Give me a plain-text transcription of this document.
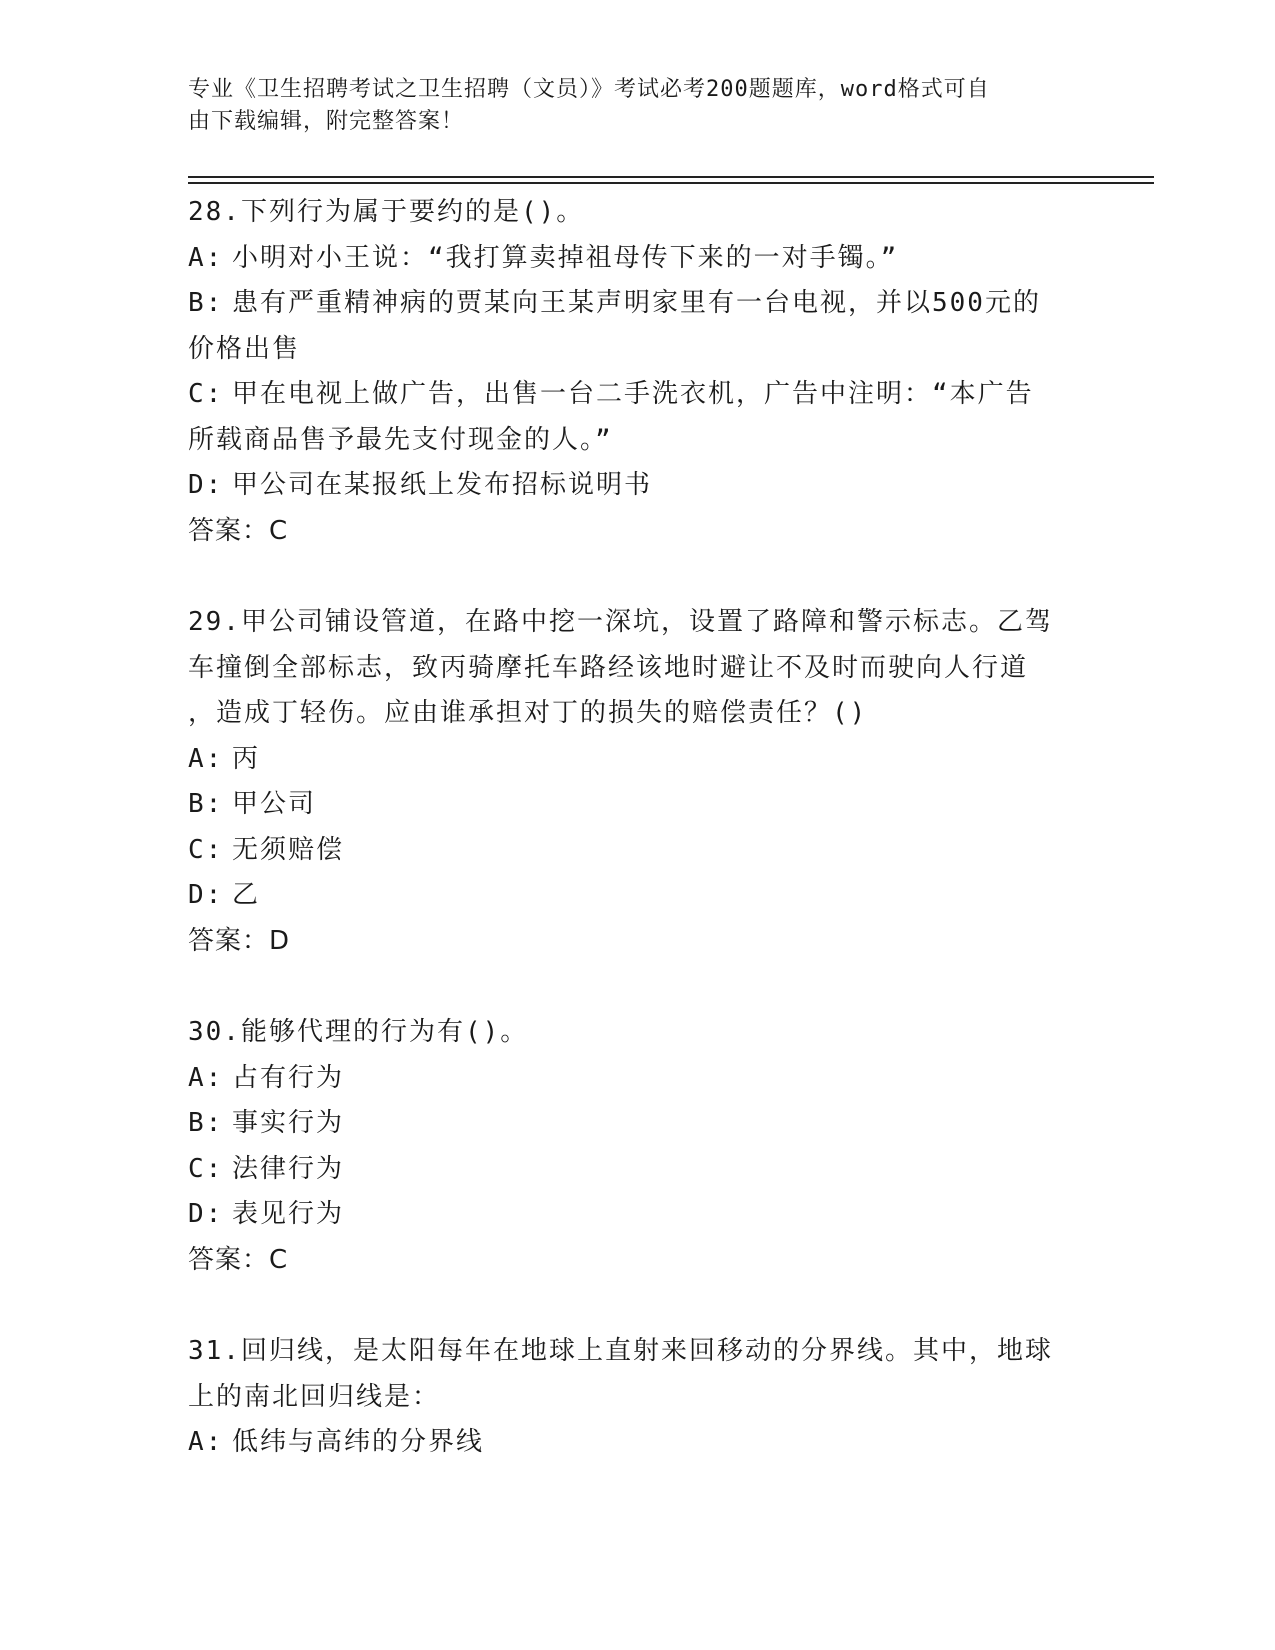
专业《卫生招聘考试之卫生招聘（文员）》考试必考200题题库，word格式可自
由下载编辑，附完整答案！
28.下列行为属于要约的是()。
A: 小明对小王说：“我打算卖掉祖母传下来的一对手镯。”
B: 患有严重精神病的贾某向王某声明家里有一台电视，并以500元的
价格出售
C: 甲在电视上做广告，出售一台二手洗衣机，广告中注明：“本广告
所载商品售予最先支付现金的人。”
D: 甲公司在某报纸上发布招标说明书
答案：C
29.甲公司铺设管道，在路中挖一深坑，设置了路障和警示标志。乙驾
车撞倒全部标志，致丙骑摩托车路经该地时避让不及时而驶向人行道
，造成丁轻伤。应由谁承担对丁的损失的赔偿责任？()
A: 丙
B: 甲公司
C: 无须赔偿
D: 乙
答案：D
30.能够代理的行为有()。
A: 占有行为
B: 事实行为
C: 法律行为
D: 表见行为
答案：C
31.回归线，是太阳每年在地球上直射来回移动的分界线。其中，地球
上的南北回归线是：
A: 低纬与高纬的分界线
